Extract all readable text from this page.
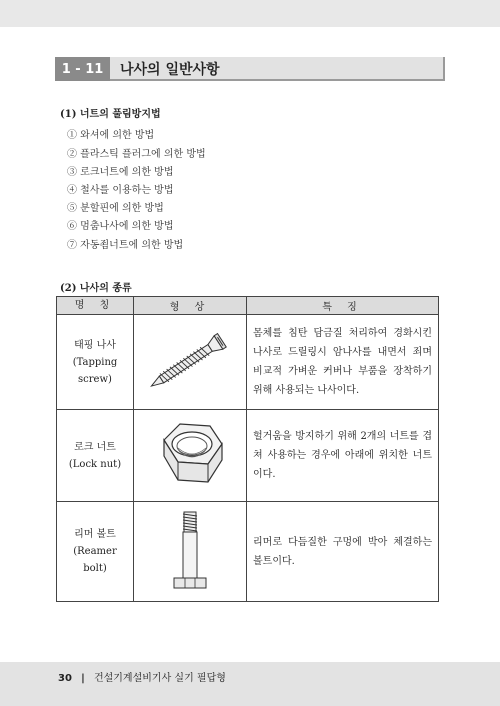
1 - 11	나사의 일반사항
(1) 너트의 풀림방지법
① 와셔에 의한 방법
② 플라스틱 플러그에 의한 방법
③ 로크너트에 의한 방법
④ 철사를 이용하는 방법
⑤ 분할핀에 의한 방법
⑥ 멈춤나사에 의한 방법
⑦ 자동죔너트에 의한 방법
(2) 나사의 종류
명 칭	형 상	특 징

태핑 나사
(Tapping screw)		몸체를 침탄 담금질 처리하여 경화시킨 나사로 드릴링시 암나사를 내면서 죄며 비교적 가벼운 커버나 부품을 장착하기 위해 사용되는 나사이다.

로크 너트
(Lock nut)		헐거움을 방지하기 위해 2개의 너트를 겹쳐 사용하는 경우에 아래에 위치한 너트이다.

리머 볼트
(Reamer bolt)		리머로 다듬질한 구멍에 박아 체결하는 볼트이다.
30 | 건설기계설비기사 실기 필답형
